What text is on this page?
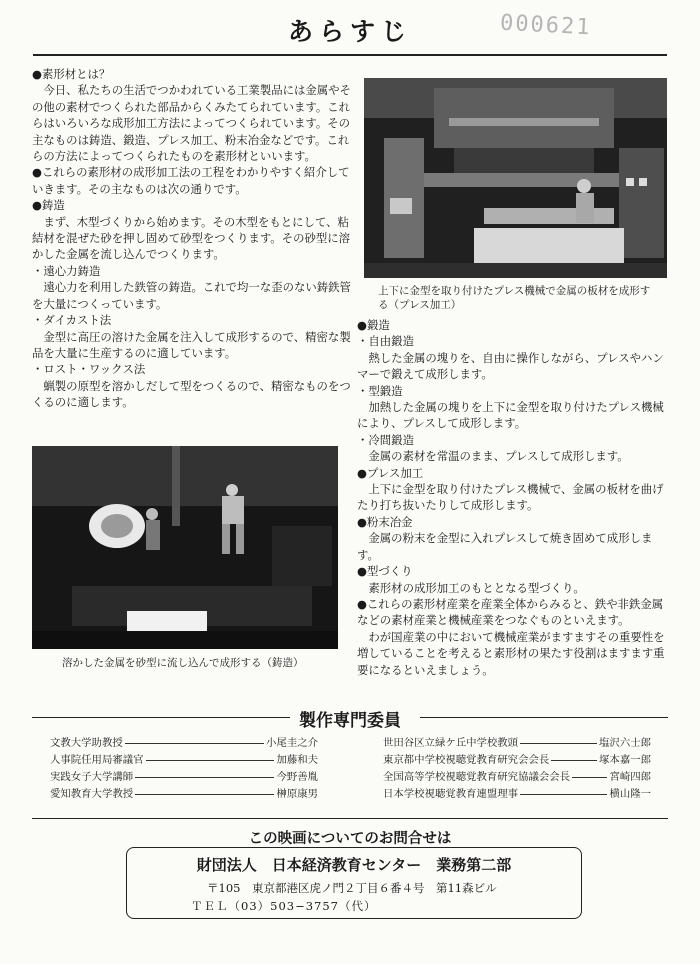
あらすじ	000621

●素形材とは？

今日、私たちの生活でつかわれている工業製品には金属やその他の素材でつくられた部品からくみたてられています。これらはいろいろな成形加工方法によってつくられています。その主なものは鋳造、鍛造、プレス加工、粉末冶金などです。これらの方法によってつくられたものを素形材といいます。

●これらの素形材の成形加工法の工程をわかりやすく紹介していきます。その主なものは次の通りです。

●鋳造

まず、木型づくりから始めます。その木型をもとにして、粘結材を混ぜた砂を押し固めて砂型をつくります。その砂型に溶かした金属を流し込んでつくります。

・遠心力鋳造

遠心力を利用した鉄管の鋳造。これで均一な歪のない鋳鉄管を大量につくっています。

・ダイカスト法

金型に高圧の溶けた金属を注入して成形するので、精密な製品を大量に生産するのに適しています。

・ロスト・ワックス法

蝋製の原型を溶かしだして型をつくるので、精密なものをつくるのに適します。

上下に金型を取り付けたプレス機械で金属の板材を成形する（プレス加工）

●鍛造

・自由鍛造

熱した金属の塊りを、自由に操作しながら、プレスやハンマーで鍛えて成形します。

・型鍛造

加熱した金属の塊りを上下に金型を取り付けたプレス機械により、プレスして成形します。

・冷間鍛造

金属の素材を常温のまま、プレスして成形します。

●プレス加工

上下に金型を取り付けたプレス機械で、金属の板材を曲げたり打ち抜いたりして成形します。

●粉末冶金

金属の粉末を金型に入れプレスして焼き固めて成形します。

●型づくり

素形材の成形加工のもととなる型づくり。

●これらの素形材産業を産業全体からみると、鉄や非鉄金属などの素材産業と機械産業をつなぐものといえます。

わが国産業の中において機械産業がますますその重要性を増していることを考えると素形材の果たす役割はますます重要になるといえましょう。

溶かした金属を砂型に流し込んで成形する（鋳造）
製作専門委員
文教大学助教授	小尾圭之介
人事院任用局審議官	加藤和夫
実践女子大学講師	今野善胤
愛知教育大学教授	榊原康男
世田谷区立緑ケ丘中学校教頭	塩沢六士郎
東京都中学校視聴覚教育研究会会長	塚本嘉一郎
全国高等学校視聴覚教育研究協議会会長	宮崎四郎
日本学校視聴覚教育連盟理事	横山隆一
この映画についてのお問合せは
財団法人　日本経済教育センター　業務第二部
〒105　東京都港区虎ノ門２丁目６番４号　第11森ビル
ＴＥＬ（03）503−3757（代）
